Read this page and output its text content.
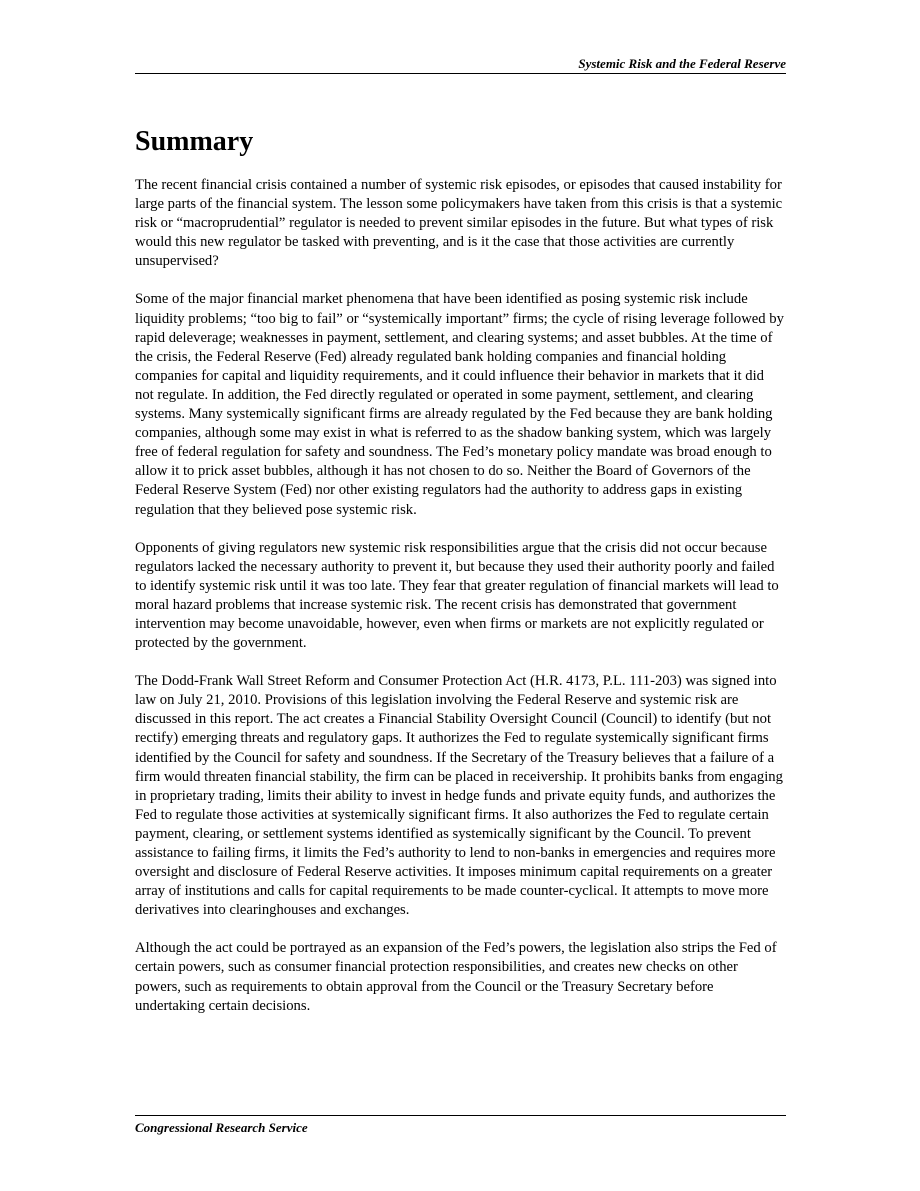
Systemic Risk and the Federal Reserve
Summary

The recent financial crisis contained a number of systemic risk episodes, or episodes that caused instability for large parts of the financial system. The lesson some policymakers have taken from this crisis is that a systemic risk or “macroprudential” regulator is needed to prevent similar episodes in the future. But what types of risk would this new regulator be tasked with preventing, and is it the case that those activities are currently unsupervised?

Some of the major financial market phenomena that have been identified as posing systemic risk include liquidity problems; “too big to fail” or “systemically important” firms; the cycle of rising leverage followed by rapid deleverage; weaknesses in payment, settlement, and clearing systems; and asset bubbles. At the time of the crisis, the Federal Reserve (Fed) already regulated bank holding companies and financial holding companies for capital and liquidity requirements, and it could influence their behavior in markets that it did not regulate. In addition, the Fed directly regulated or operated in some payment, settlement, and clearing systems. Many systemically significant firms are already regulated by the Fed because they are bank holding companies, although some may exist in what is referred to as the shadow banking system, which was largely free of federal regulation for safety and soundness. The Fed’s monetary policy mandate was broad enough to allow it to prick asset bubbles, although it has not chosen to do so. Neither the Board of Governors of the Federal Reserve System (Fed) nor other existing regulators had the authority to address gaps in existing regulation that they believed pose systemic risk.

Opponents of giving regulators new systemic risk responsibilities argue that the crisis did not occur because regulators lacked the necessary authority to prevent it, but because they used their authority poorly and failed to identify systemic risk until it was too late. They fear that greater regulation of financial markets will lead to moral hazard problems that increase systemic risk. The recent crisis has demonstrated that government intervention may become unavoidable, however, even when firms or markets are not explicitly regulated or protected by the government.

The Dodd-Frank Wall Street Reform and Consumer Protection Act (H.R. 4173, P.L. 111-203) was signed into law on July 21, 2010. Provisions of this legislation involving the Federal Reserve and systemic risk are discussed in this report. The act creates a Financial Stability Oversight Council (Council) to identify (but not rectify) emerging threats and regulatory gaps. It authorizes the Fed to regulate systemically significant firms identified by the Council for safety and soundness. If the Secretary of the Treasury believes that a failure of a firm would threaten financial stability, the firm can be placed in receivership. It prohibits banks from engaging in proprietary trading, limits their ability to invest in hedge funds and private equity funds, and authorizes the Fed to regulate those activities at systemically significant firms. It also authorizes the Fed to regulate certain payment, clearing, or settlement systems identified as systemically significant by the Council. To prevent assistance to failing firms, it limits the Fed’s authority to lend to non-banks in emergencies and requires more oversight and disclosure of Federal Reserve activities. It imposes minimum capital requirements on a greater array of institutions and calls for capital requirements to be made counter-cyclical. It attempts to move more derivatives into clearinghouses and exchanges.

Although the act could be portrayed as an expansion of the Fed’s powers, the legislation also strips the Fed of certain powers, such as consumer financial protection responsibilities, and creates new checks on other powers, such as requirements to obtain approval from the Council or the Treasury Secretary before undertaking certain decisions.

Congressional Research Service
